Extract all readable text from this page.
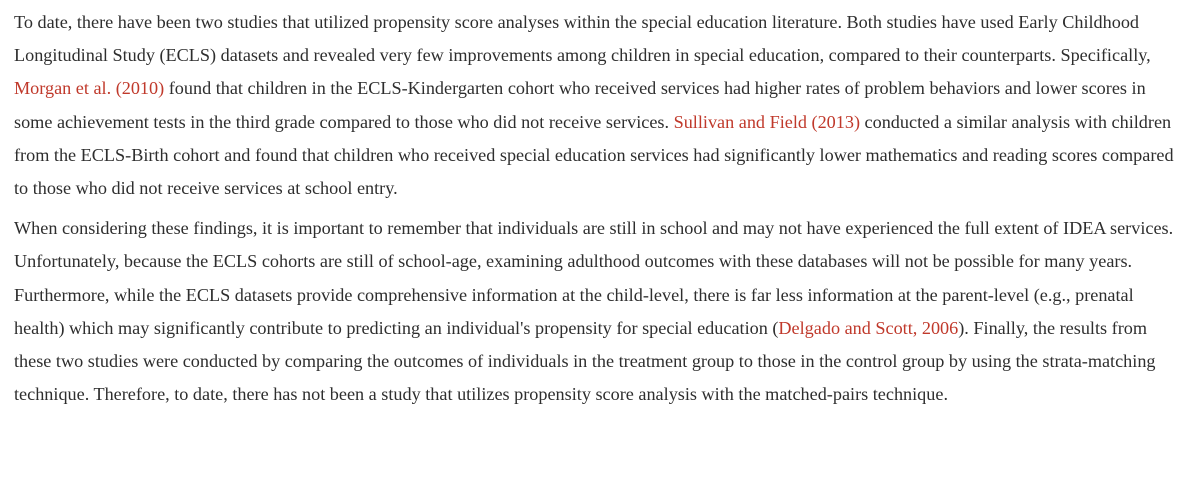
To date, there have been two studies that utilized propensity score analyses within the special education literature. Both studies have used Early Childhood Longitudinal Study (ECLS) datasets and revealed very few improvements among children in special education, compared to their counterparts. Specifically, Morgan et al. (2010) found that children in the ECLS-Kindergarten cohort who received services had higher rates of problem behaviors and lower scores in some achievement tests in the third grade compared to those who did not receive services. Sullivan and Field (2013) conducted a similar analysis with children from the ECLS-Birth cohort and found that children who received special education services had significantly lower mathematics and reading scores compared to those who did not receive services at school entry.

When considering these findings, it is important to remember that individuals are still in school and may not have experienced the full extent of IDEA services. Unfortunately, because the ECLS cohorts are still of school-age, examining adulthood outcomes with these databases will not be possible for many years. Furthermore, while the ECLS datasets provide comprehensive information at the child-level, there is far less information at the parent-level (e.g., prenatal health) which may significantly contribute to predicting an individual's propensity for special education (Delgado and Scott, 2006). Finally, the results from these two studies were conducted by comparing the outcomes of individuals in the treatment group to those in the control group by using the strata-matching technique. Therefore, to date, there has not been a study that utilizes propensity score analysis with the matched-pairs technique.
